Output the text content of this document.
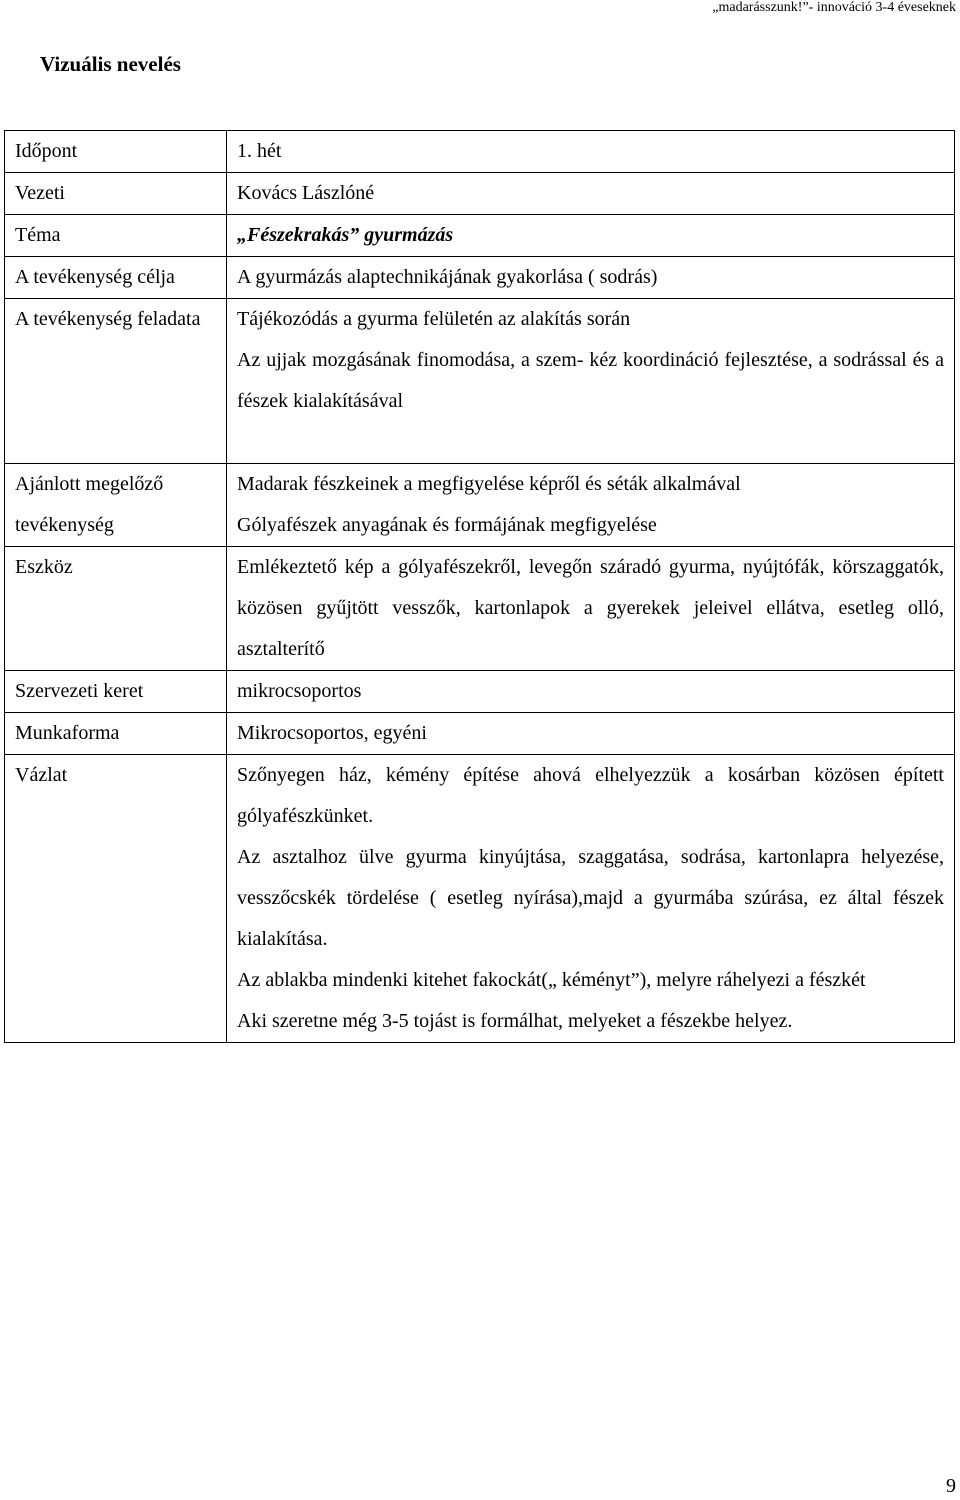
„madarásszunk!”- innováció 3-4 éveseknek
Vizuális nevelés
Időpont	1. hét
Vezeti	Kovács Lászlóné
Téma	„Fészekrakás” gyurmázás
A tevékenység célja	A gyurmázás alaptechnikájának gyakorlása ( sodrás)
A tevékenység feladata	Tájékozódás a gyurma felületén az alakítás során
Az ujjak mozgásának finomodása, a szem- kéz koordináció fejlesztése, a sodrással és a fészek kialakításával

Ajánlott megelőző tevékenység	Madarak fészkeinek a megfigyelése képről és séták alkalmával
Gólyafészek anyagának és formájának megfigyelése

Eszköz	Emlékeztető kép a gólyafészekről, levegőn száradó gyurma, nyújtófák, körszaggatók, közösen gyűjtött vesszők, kartonlapok a gyerekek jeleivel ellátva, esetleg olló, asztalterítő
Szervezeti keret	mikrocsoportos
Munkaforma	Mikrocsoportos, egyéni
Vázlat	Szőnyegen ház, kémény építése ahová elhelyezzük a kosárban közösen épített gólyafészkünket.
Az asztalhoz ülve gyurma kinyújtása, szaggatása, sodrása, kartonlapra helyezése, vesszőcskék tördelése ( esetleg nyírása),majd a gyurmába szúrása, ez által fészek kialakítása.
Az ablakba mindenki kitehet fakockát(„ kéményt”), melyre ráhelyezi a fészkét
Aki szeretne még 3-5 tojást is formálhat, melyeket a fészekbe helyez.
9
